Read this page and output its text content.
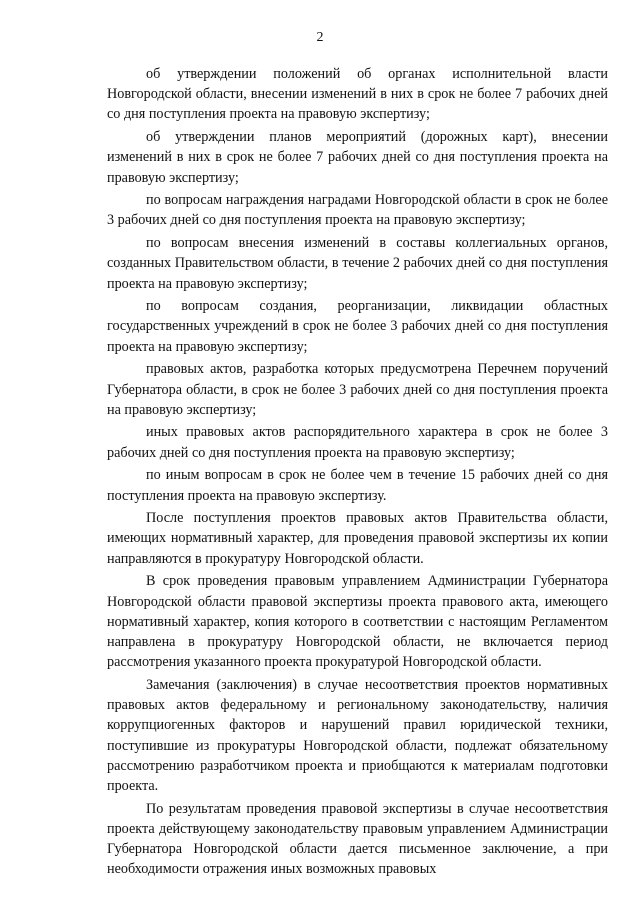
2

об утверждении положений об органах исполнительной власти Новгородской области, внесении изменений в них в срок не более 7 рабочих дней со дня поступления проекта на правовую экспертизу;

об утверждении планов мероприятий (дорожных карт), внесении изменений в них в срок не более 7 рабочих дней со дня поступления проекта на правовую экспертизу;

по вопросам награждения наградами Новгородской области в срок не более 3 рабочих дней со дня поступления проекта на правовую экспертизу;

по вопросам внесения изменений в составы коллегиальных органов, созданных Правительством области, в течение 2 рабочих дней со дня поступления проекта на правовую экспертизу;

по вопросам создания, реорганизации, ликвидации областных государственных учреждений в срок не более 3 рабочих дней со дня поступления проекта на правовую экспертизу;

правовых актов, разработка которых предусмотрена Перечнем поручений Губернатора области, в срок не более 3 рабочих дней со дня поступления проекта на правовую экспертизу;

иных правовых актов распорядительного характера в срок не более 3 рабочих дней со дня поступления проекта на правовую экспертизу;

по иным вопросам в срок не более чем в течение 15 рабочих дней со дня поступления проекта на правовую экспертизу.

После поступления проектов правовых актов Правительства области, имеющих нормативный характер, для проведения правовой экспертизы их копии направляются в прокуратуру Новгородской области.

В срок проведения правовым управлением Администрации Губернатора Новгородской области правовой экспертизы проекта правового акта, имеющего нормативный характер, копия которого в соответствии с настоящим Регламентом направлена в прокуратуру Новгородской области, не включается период рассмотрения указанного проекта прокуратурой Новгородской области.

Замечания (заключения) в случае несоответствия проектов нормативных правовых актов федеральному и региональному законодательству, наличия коррупциогенных факторов и нарушений правил юридической техники, поступившие из прокуратуры Новгородской области, подлежат обязательному рассмотрению разработчиком проекта и приобщаются к материалам подготовки проекта.

По результатам проведения правовой экспертизы в случае несоответствия проекта действующему законодательству правовым управлением Администрации Губернатора Новгородской области дается письменное заключение, а при необходимости отражения иных возможных правовых
